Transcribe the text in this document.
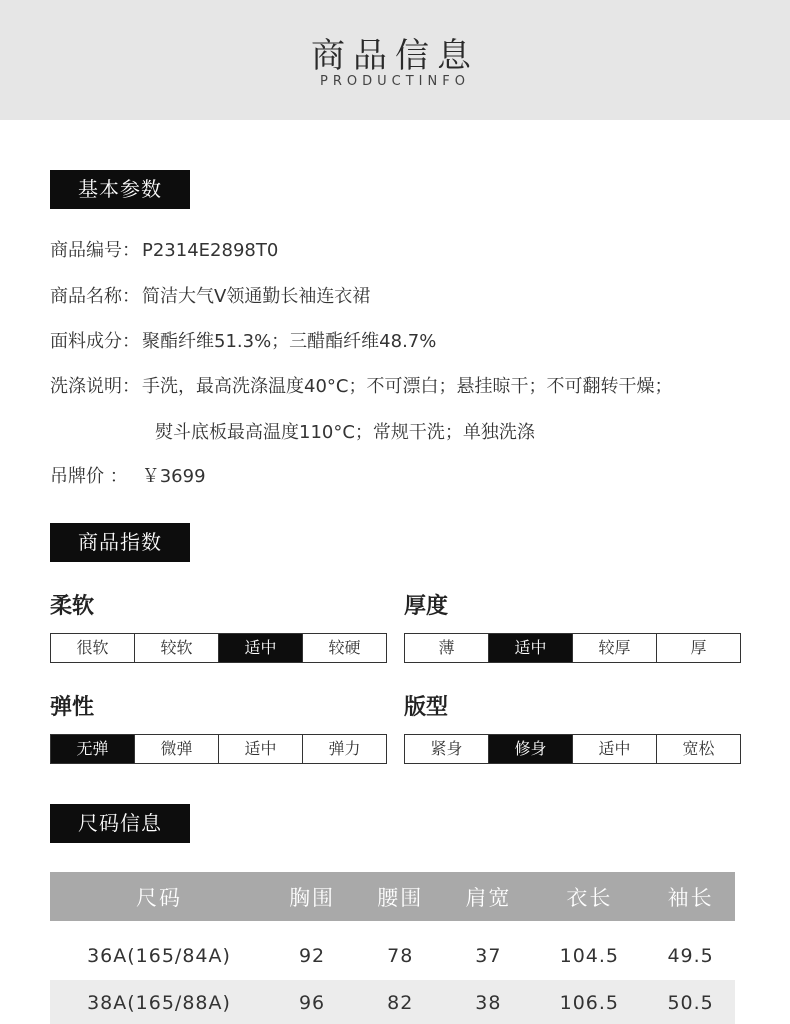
商品信息
PRODUCTINFO
基本参数
商品编号： P2314E2898T0
商品名称： 简洁大气V领通勤长袖连衣裙
面料成分： 聚酯纤维51.3%；三醋酯纤维48.7%
洗涤说明： 手洗，最高洗涤温度40°C；不可漂白；悬挂晾干；不可翻转干燥；
熨斗底板最高温度110°C；常规干洗；单独洗涤
吊牌价 ： ￥3699
商品指数
柔软
很软	较软	适中	较硬
厚度
薄	适中	较厚	厚
弹性
无弹	微弹	适中	弹力
版型
紧身	修身	适中	宽松
尺码信息
尺码	胸围	腰围	肩宽	衣长	袖长
36A(165/84A)	92	78	37	104.5	49.5
38A(165/88A)	96	82	38	106.5	50.5
